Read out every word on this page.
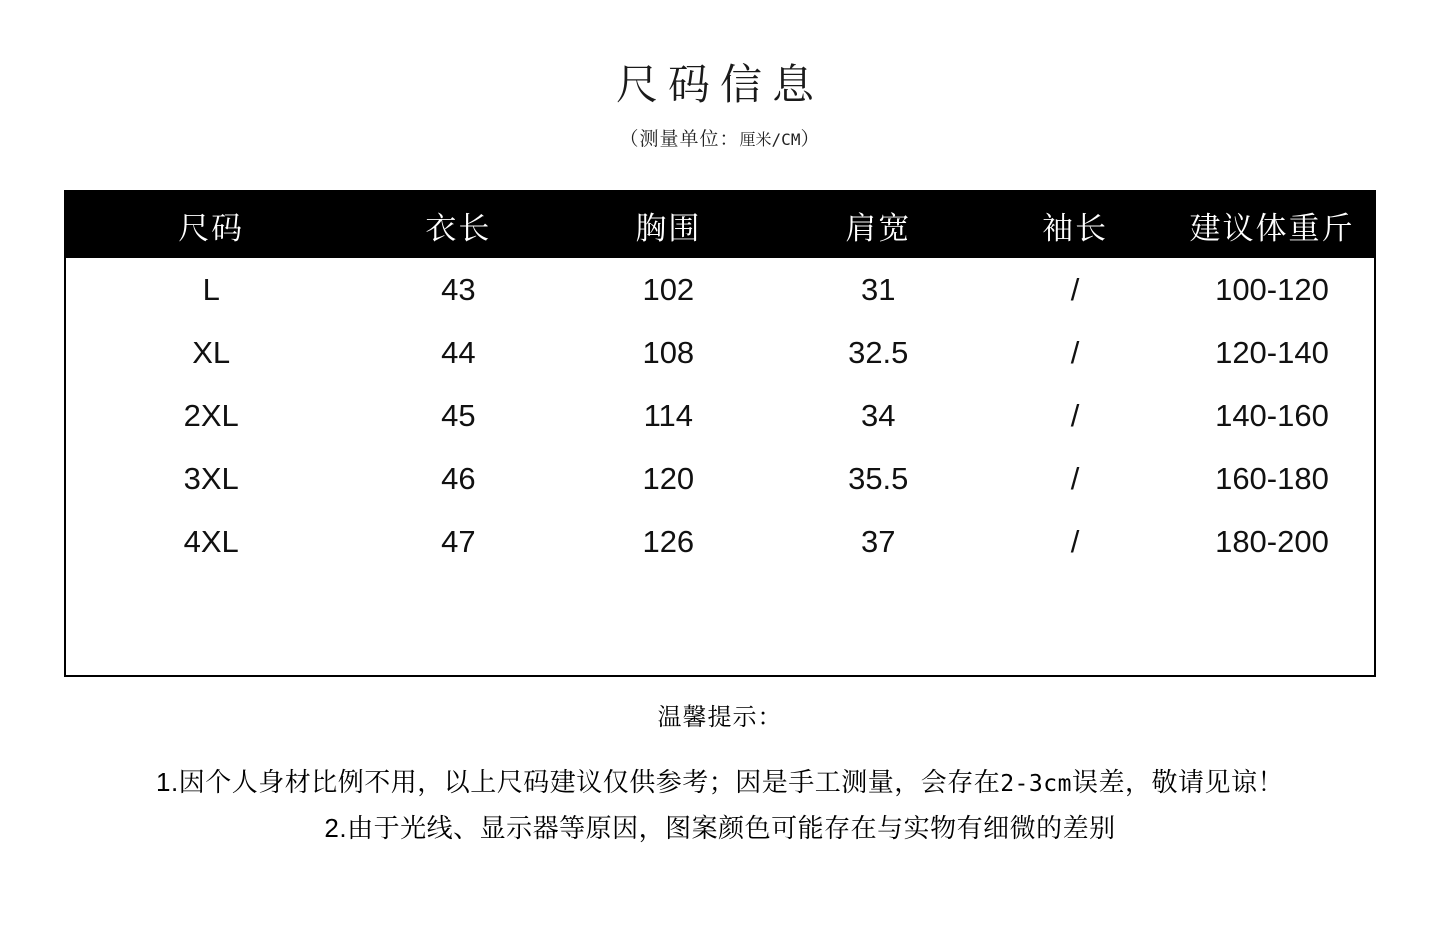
尺码信息
（测量单位：厘米/CM）
尺码	衣长	胸围	肩宽	袖长	建议体重斤
L	43	102	31	/	100-120
XL	44	108	32.5	/	120-140
2XL	45	114	34	/	140-160
3XL	46	120	35.5	/	160-180
4XL	47	126	37	/	180-200
温馨提示：
1.因个人身材比例不用，以上尺码建议仅供参考；因是手工测量，会存在2-3cm误差，敬请见谅！
2.由于光线、显示器等原因，图案颜色可能存在与实物有细微的差别
